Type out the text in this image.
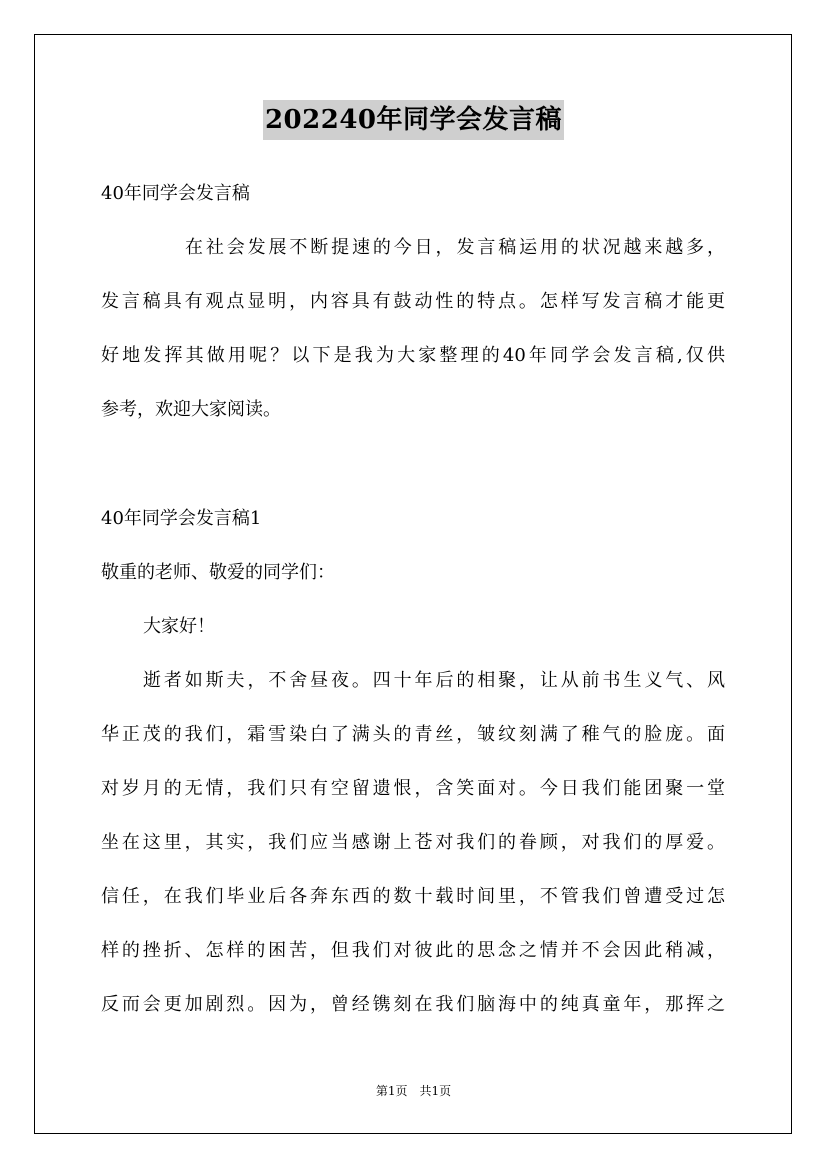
202240年同学会发言稿
40年同学会发言稿
在社会发展不断提速的今日，发言稿运用的状况越来越多，
发言稿具有观点显明，内容具有鼓动性的特点。怎样写发言稿才能更
好地发挥其做用呢？以下是我为大家整理的40年同学会发言稿,仅供
参考，欢迎大家阅读。
40年同学会发言稿1
敬重的老师、敬爱的同学们：
大家好！
逝者如斯夫，不舍昼夜。四十年后的相聚，让从前书生义气、风
华正茂的我们，霜雪染白了满头的青丝，皱纹刻满了稚气的脸庞。面
对岁月的无情，我们只有空留遗恨，含笑面对。今日我们能团聚一堂
坐在这里，其实，我们应当感谢上苍对我们的眷顾，对我们的厚爱。
信任，在我们毕业后各奔东西的数十载时间里，不管我们曾遭受过怎
样的挫折、怎样的困苦，但我们对彼此的思念之情并不会因此稍减，
反而会更加剧烈。因为，曾经镌刻在我们脑海中的纯真童年，那挥之
第1页　共1页
